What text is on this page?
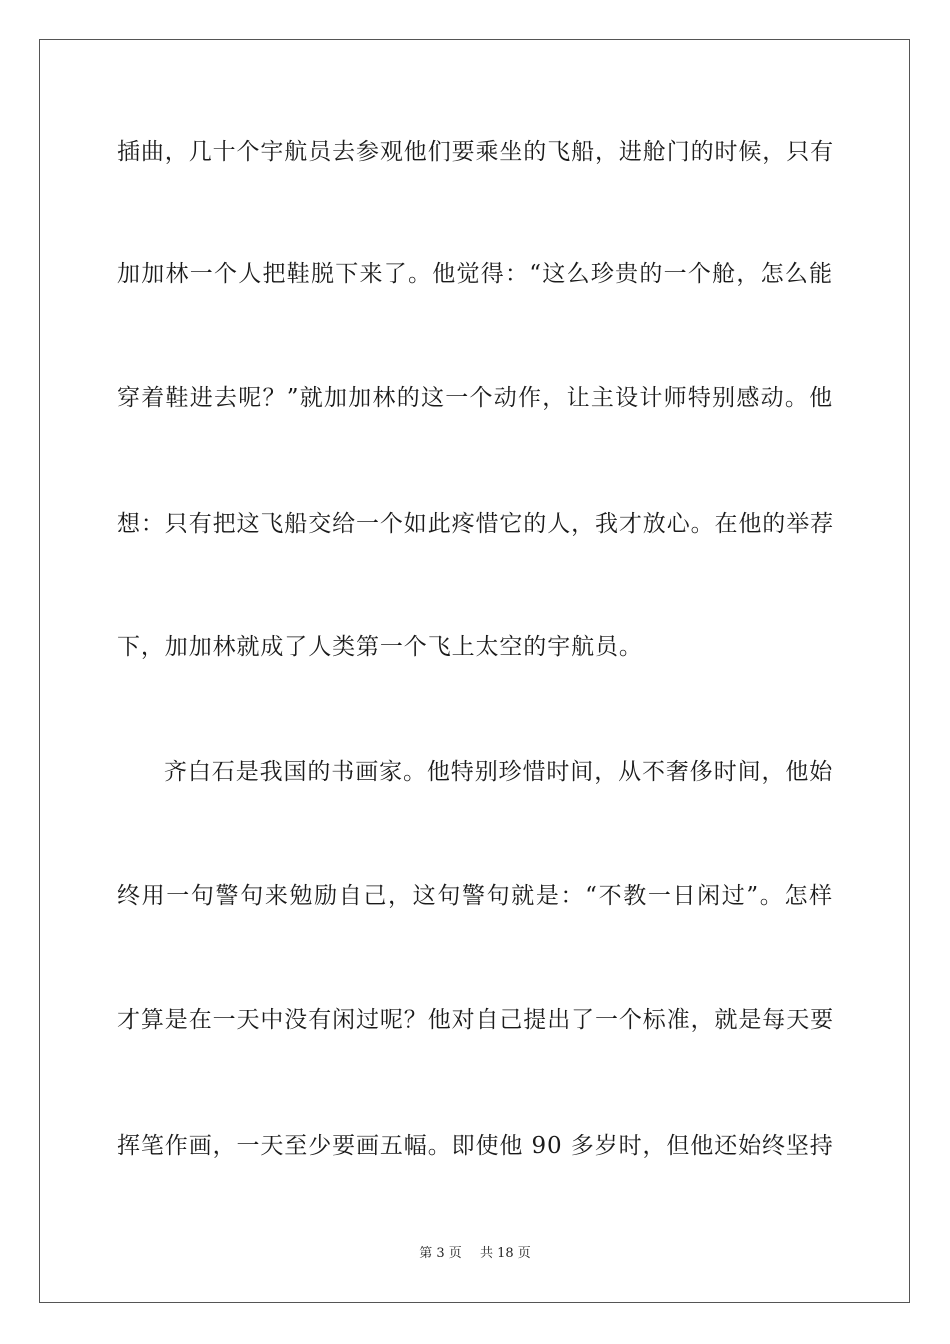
插曲，几十个宇航员去参观他们要乘坐的飞船，进舱门的时候，只有
加加林一个人把鞋脱下来了。他觉得：“这么珍贵的一个舱，怎么能
穿着鞋进去呢？”就加加林的这一个动作，让主设计师特别感动。他
想：只有把这飞船交给一个如此疼惜它的人，我才放心。在他的举荐
下，加加林就成了人类第一个飞上太空的宇航员。
齐白石是我国的书画家。他特别珍惜时间，从不奢侈时间，他始
终用一句警句来勉励自己，这句警句就是：“不教一日闲过”。怎样
才算是在一天中没有闲过呢？他对自己提出了一个标准，就是每天要
挥笔作画，一天至少要画五幅。即使他 90 多岁时，但他还始终坚持
第 3 页 共 18 页
